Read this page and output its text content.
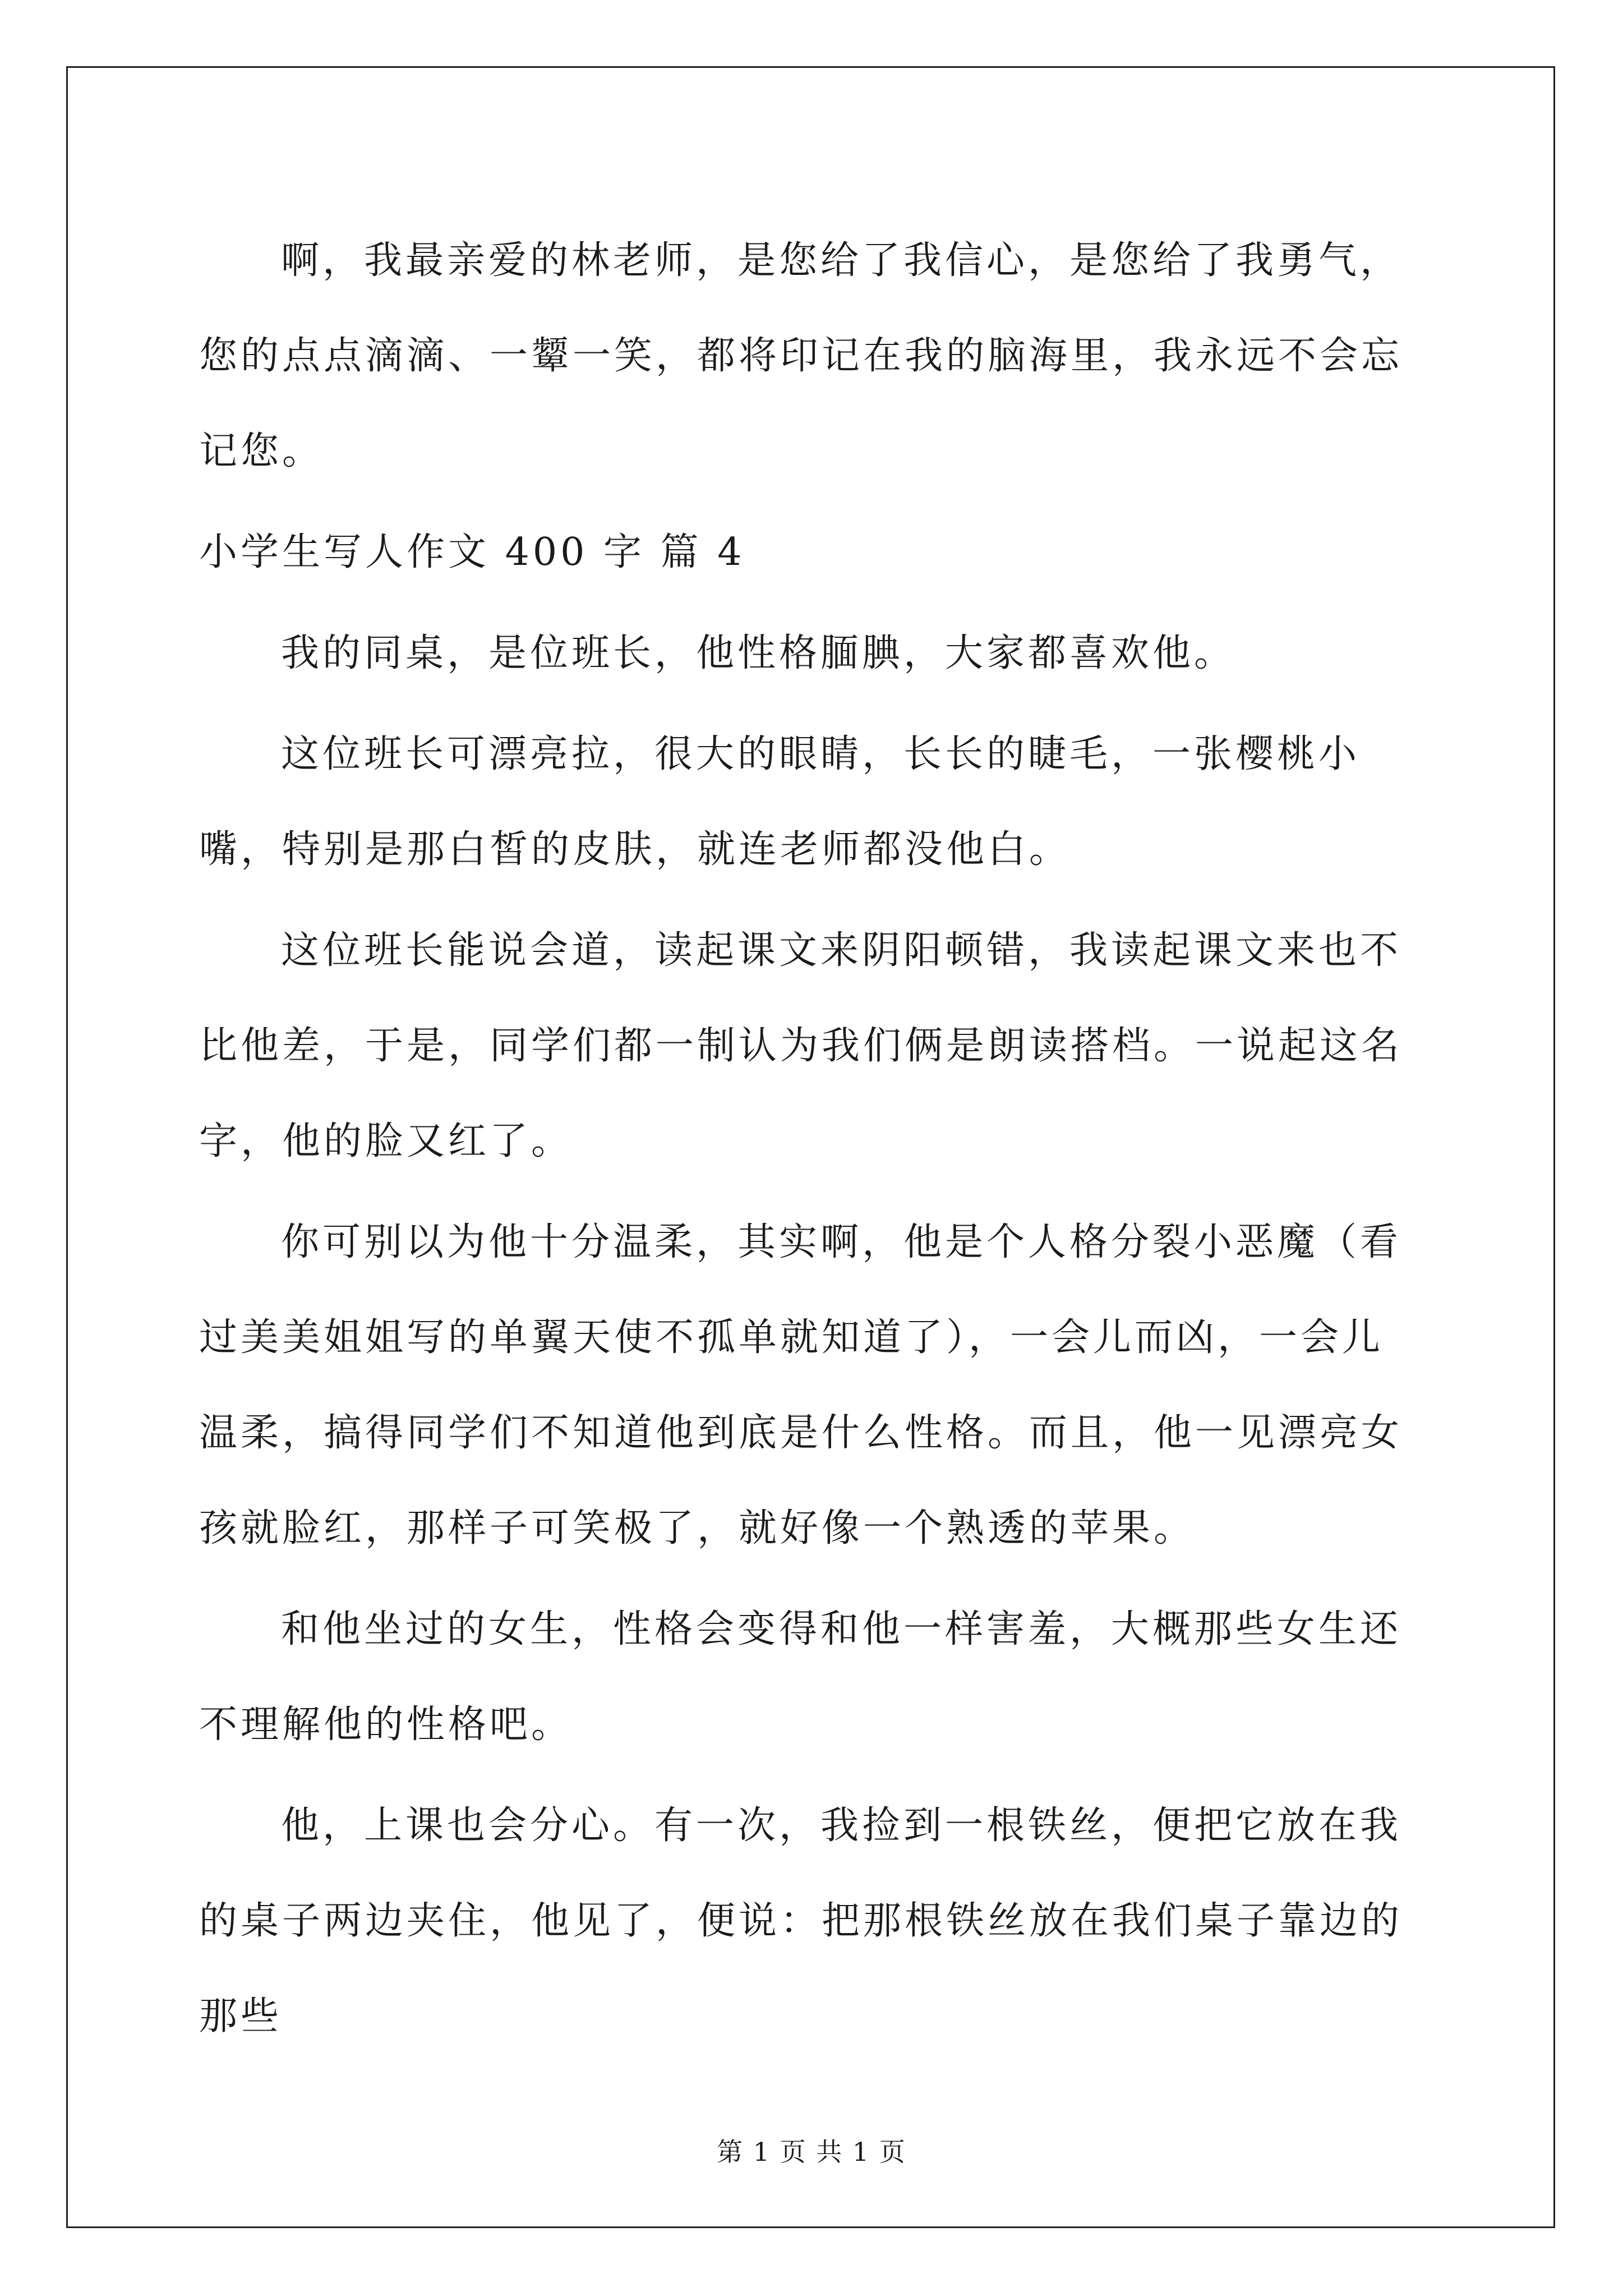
啊，我最亲爱的林老师，是您给了我信心，是您给了我勇气，您的点点滴滴、一颦一笑，都将印记在我的脑海里，我永远不会忘记您。

小学生写人作文 400 字 篇 4

我的同桌，是位班长，他性格腼腆，大家都喜欢他。

这位班长可漂亮拉，很大的眼睛，长长的睫毛，一张樱桃小嘴，特别是那白皙的皮肤，就连老师都没他白。

这位班长能说会道，读起课文来阴阳顿错，我读起课文来也不比他差，于是，同学们都一制认为我们俩是朗读搭档。一说起这名字，他的脸又红了。

你可别以为他十分温柔，其实啊，他是个人格分裂小恶魔（看过美美姐姐写的单翼天使不孤单就知道了），一会儿而凶，一会儿温柔，搞得同学们不知道他到底是什么性格。而且，他一见漂亮女孩就脸红，那样子可笑极了，就好像一个熟透的苹果。

和他坐过的女生，性格会变得和他一样害羞，大概那些女生还不理解他的性格吧。

他，上课也会分心。有一次，我捡到一根铁丝，便把它放在我的桌子两边夹住，他见了，便说：把那根铁丝放在我们桌子靠边的那些

第 1 页 共 1 页
